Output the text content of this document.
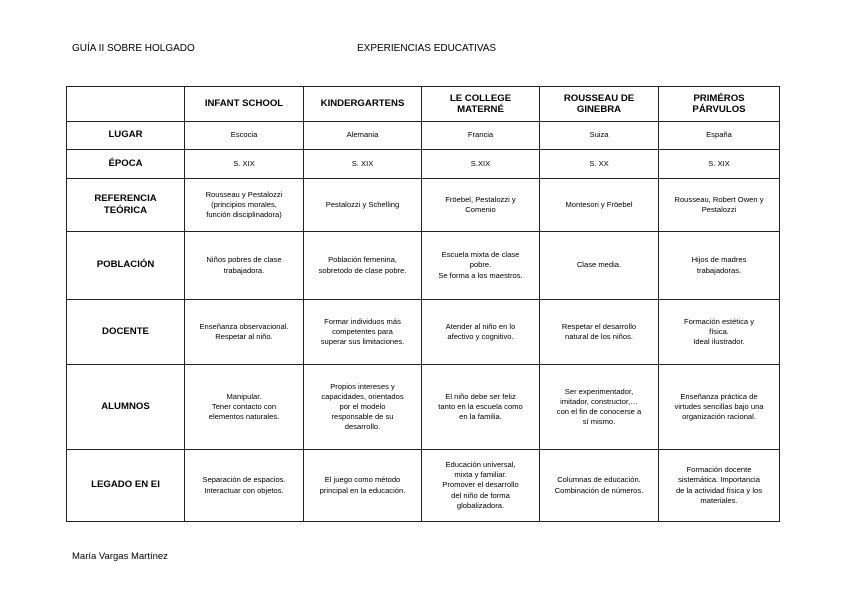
GUÍA II SOBRE HOLGADO	EXPERIENCIAS EDUCATIVAS
	INFANT SCHOOL	KINDERGARTENS	LE COLLEGE
MATERNÉ	ROUSSEAU DE
GINEBRA	PRIMÉROS
PÁRVULOS
LUGAR	Escocia	Alemania	Francia	Suiza	España
ÉPOCA	S. XIX	S. XIX	S.XIX	S. XX	S. XIX
REFERENCIA
TEÓRICA	Rousseau y Pestalozzi
(principios morales,
función disciplinadora)	Pestalozzi y Schelling	Fröebel, Pestalozzi y
Comenio	Montesori y Fröebel	Rousseau, Robert Owen y
Pestalozzi
POBLACIÓN	Niños pobres de clase
trabajadora.	Población femenina,
sobretodo de clase pobre.	Escuela mixta de clase
pobre.
Se forma a los maestros.	Clase media.	Hijos de madres
trabajadoras.
DOCENTE	Enseñanza observacional.
Respetar al niño.	Formar individuos más
competentes para
superar sus limitaciones.	Atender al niño en lo
afectivo y cognitivo.	Respetar el desarrollo
natural de los niños.	Formación estética y
física.
Ideal ilustrador.
ALUMNOS	Manipular.
Tener contacto con
elementos naturales.	Propios intereses y
capacidades, orientados
por el modelo
responsable de su
desarrollo.	El niño debe ser feliz
tanto en la escuela como
en la familia.	Ser experimentador,
imitador, constructor,…
con el fin de conocerse a
sí mismo.	Enseñanza práctica de
virtudes sencillas bajo una
organización racional.
LEGADO EN EI	Separación de espacios.
Interactuar con objetos.	El juego como método
principal en la educación.	Educación universal,
mixta y familiar.
Promover el desarrollo
del niño de forma
globalizadora.	Columnas de educación.
Combinación de números.	Formación docente
sistemática. Importancia
de la actividad física y los
materiales.
María Vargas Martínez
